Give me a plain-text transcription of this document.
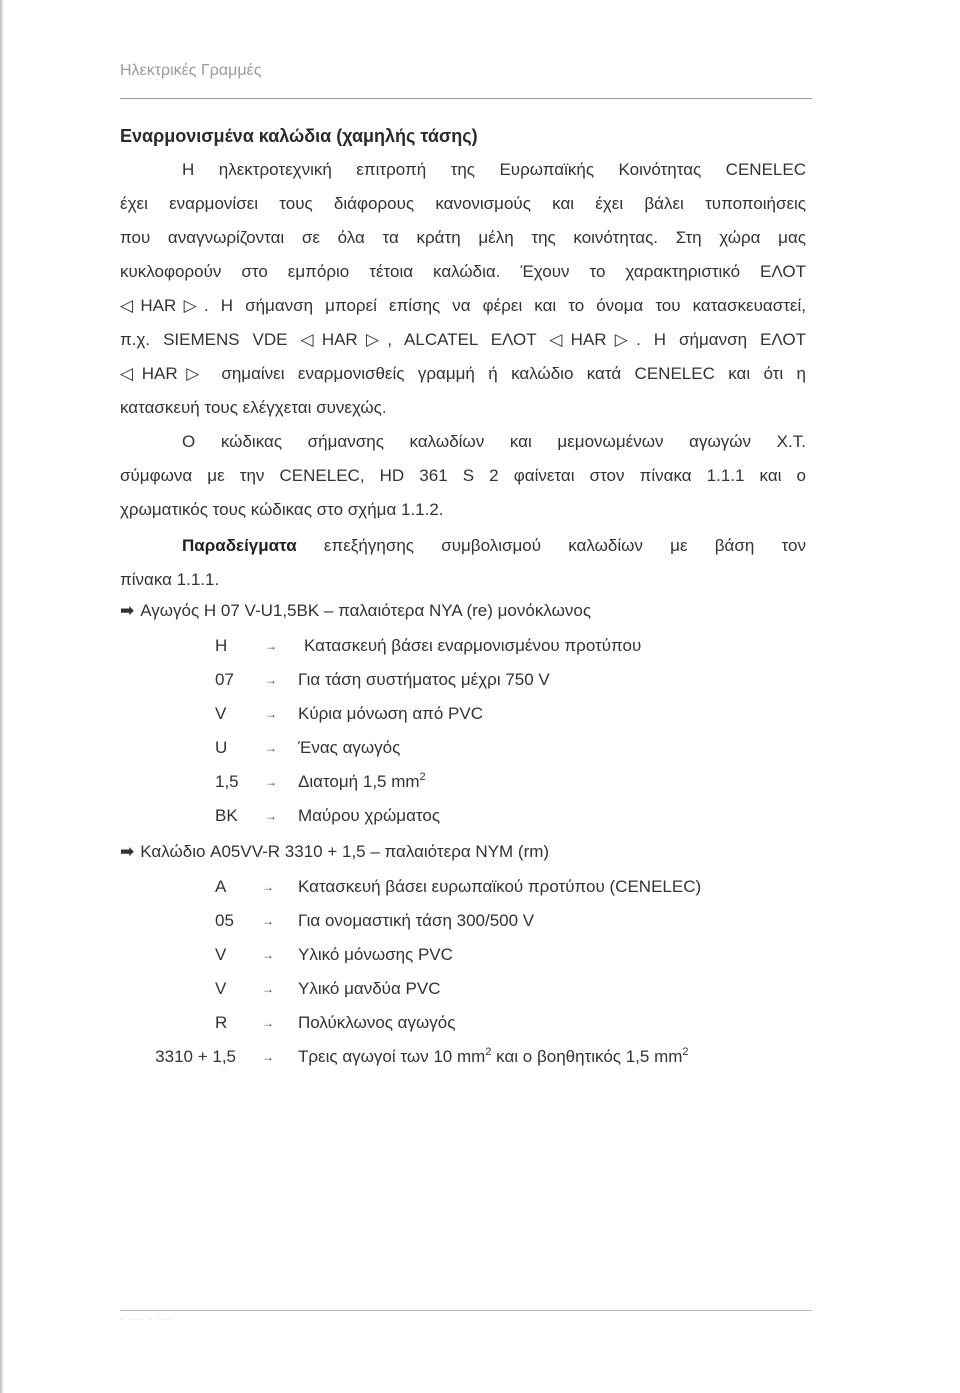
Ηλεκτρικές Γραμμές
Εναρμονισμένα καλώδια (χαμηλής τάσης)
Η ηλεκτροτεχνική επιτροπή της Ευρωπαϊκής Κοινότητας CENELEC
έχει εναρμονίσει τους διάφορους κανονισμούς και έχει βάλει τυποποιήσεις
που αναγνωρίζονται σε όλα τα κράτη μέλη της κοινότητας. Στη χώρα μας
κυκλοφορούν στο εμπόριο τέτοια καλώδια. Έχουν το χαρακτηριστικό ΕΛΟΤ
◁HAR▷. Η σήμανση μπορεί επίσης να φέρει και το όνομα του κατασκευαστεί,
π.χ. SIEMENS VDE ◁HAR▷, ALCATEL ΕΛΟΤ ◁HAR▷. Η σήμανση ΕΛΟΤ
◁HAR▷ σημαίνει εναρμονισθείς γραμμή ή καλώδιο κατά CENELEC και ότι η
κατασκευή τους ελέγχεται συνεχώς.
Ο κώδικας σήμανσης καλωδίων και μεμονωμένων αγωγών Χ.Τ.
σύμφωνα με την CENELEC, HD 361 S 2 φαίνεται στον πίνακα 1.1.1 και ο
χρωματικός τους κώδικας στο σχήμα 1.1.2.
Παραδείγματα επεξήγησης συμβολισμού καλωδίων με βάση τον
πίνακα 1.1.1.
➡ Αγωγός H 07 V-U1,5BK – παλαιότερα NYA (re) μονόκλωνος
H	→ Κατασκευή βάσει εναρμονισμένου προτύπου
07	→ Για τάση συστήματος μέχρι 750 V
V	→ Κύρια μόνωση από PVC
U	→ Ένας αγωγός
1,5 → Διατομή 1,5 $mm^2$
BK → Μαύρου χρώματος
➡ Καλώδιο A05VV-R 3310 + 1,5 – παλαιότερα NYM (rm)
A	→ Κατασκευή βάσει ευρωπαϊκού προτύπου (CENELEC)
05 → Για ονομαστική τάση 300/500 V
V	→ Υλικό μόνωσης PVC
V	→ Υλικό μανδύα PVC
R	→ Πολύκλωνος αγωγός
3310 + 1,5 → Τρεις αγωγοί των 10 $mm^2$ και ο βοηθητικός 1,5 $mm^2$
· ··· · ···
